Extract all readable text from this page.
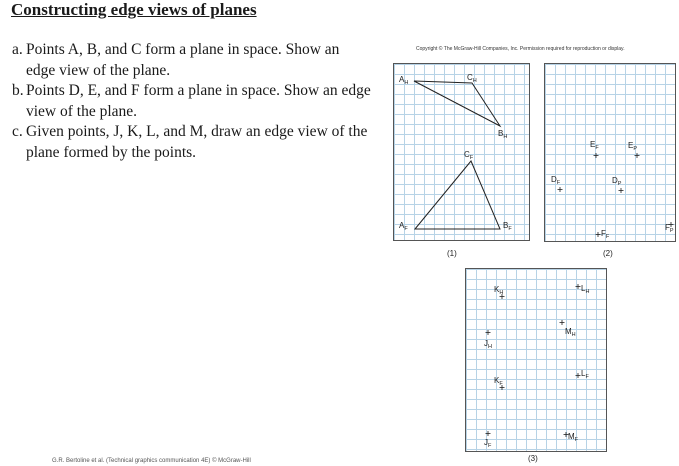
Constructing edge views of planes
a. Points A, B, and C form a plane in space. Show an edge view of the plane.
b. Points D, E, and F form a plane in space. Show an edge view of the plane.
c. Given points, J, K, L, and M, draw an edge view of the plane formed by the points.
Copyright © The McGraw-Hill Companies, Inc. Permission required for reproduction or display.
$A_H$
$C_H$
$B_H$
$C_F$
$A_F$	$B_F$
(1)
$E_F$	$E_P$
$D_F$	$D_P$
$F_F$
$F_P$
(2)
$K_H$	$L_H$
$M_H$
$J_H$
$K_F$
$L_F$
$J_F$
$M_F$
(3)
G.R. Bertoline et al. (Technical graphics communication 4E) © McGraw-Hill
